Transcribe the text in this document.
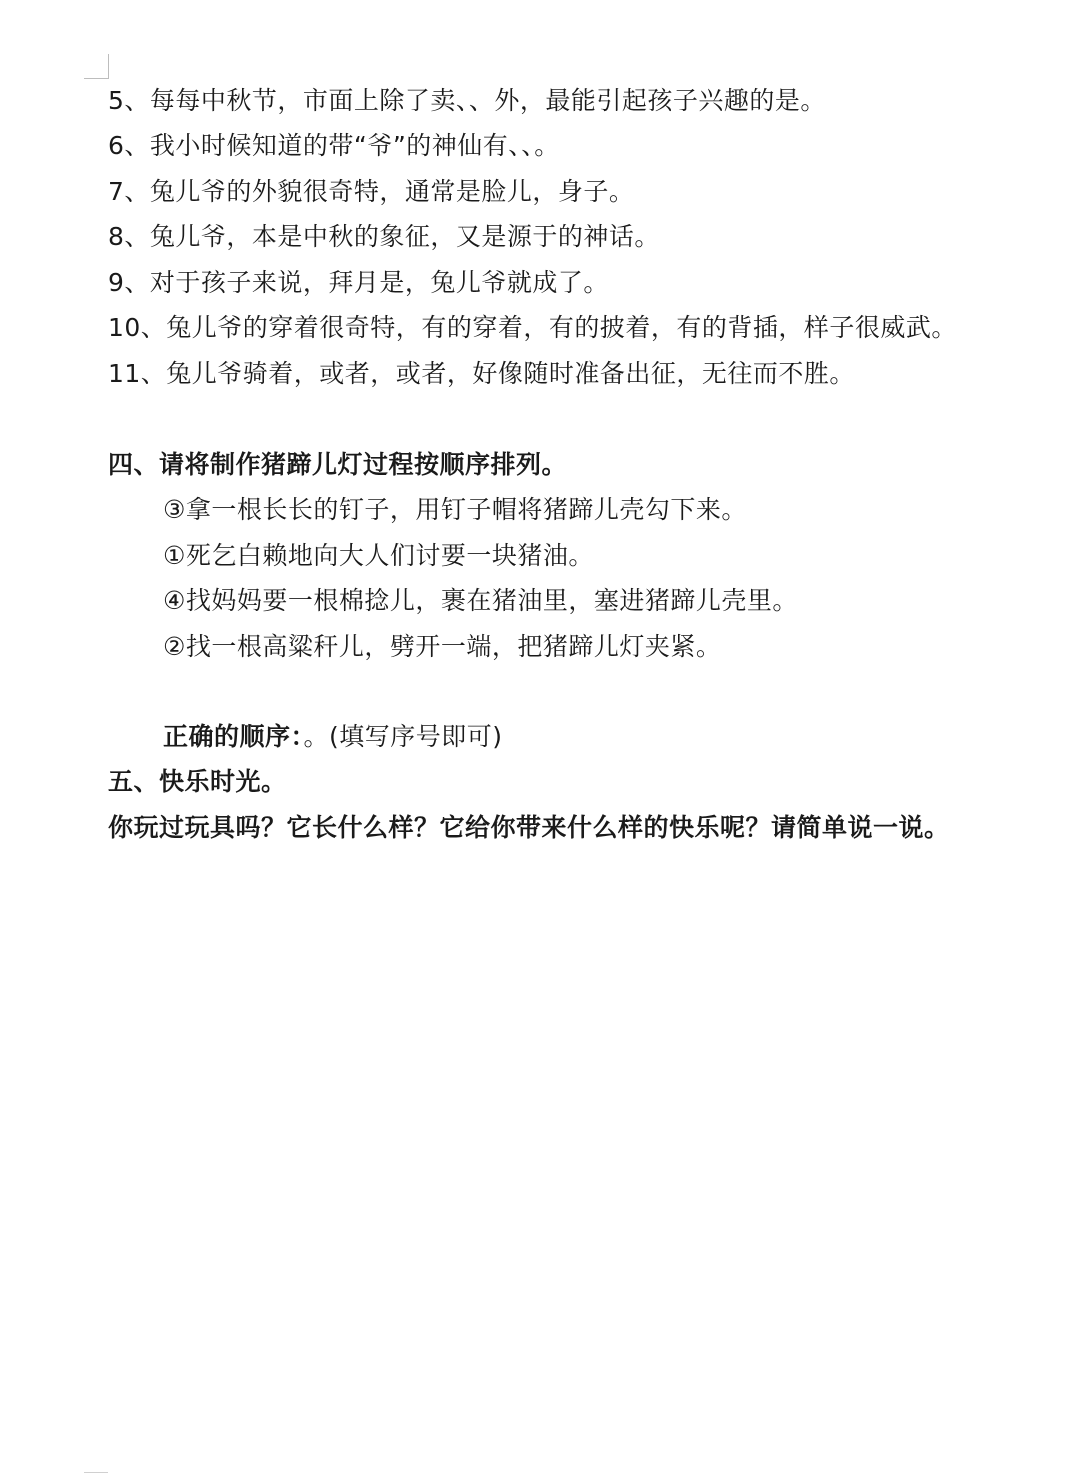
5、每每中秋节，市面上除了卖、、外，最能引起孩子兴趣的是。
6、我小时候知道的带“爷”的神仙有、、。
7、兔儿爷的外貌很奇特，通常是脸儿，身子。
8、兔儿爷，本是中秋的象征，又是源于的神话。
9、对于孩子来说，拜月是，兔儿爷就成了。
10、兔儿爷的穿着很奇特，有的穿着，有的披着，有的背插，样子很威武。
11、兔儿爷骑着，或者，或者，好像随时准备出征，无往而不胜。
四、请将制作猪蹄儿灯过程按顺序排列。
③拿一根长长的钉子，用钉子帽将猪蹄儿壳勾下来。
①死乞白赖地向大人们讨要一块猪油。
④找妈妈要一根棉捻儿，裹在猪油里，塞进猪蹄儿壳里。
②找一根高粱秆儿，劈开一端，把猪蹄儿灯夹紧。
正确的顺序：。(填写序号即可)
五、快乐时光。
你玩过玩具吗？它长什么样？它给你带来什么样的快乐呢？请简单说一说。
